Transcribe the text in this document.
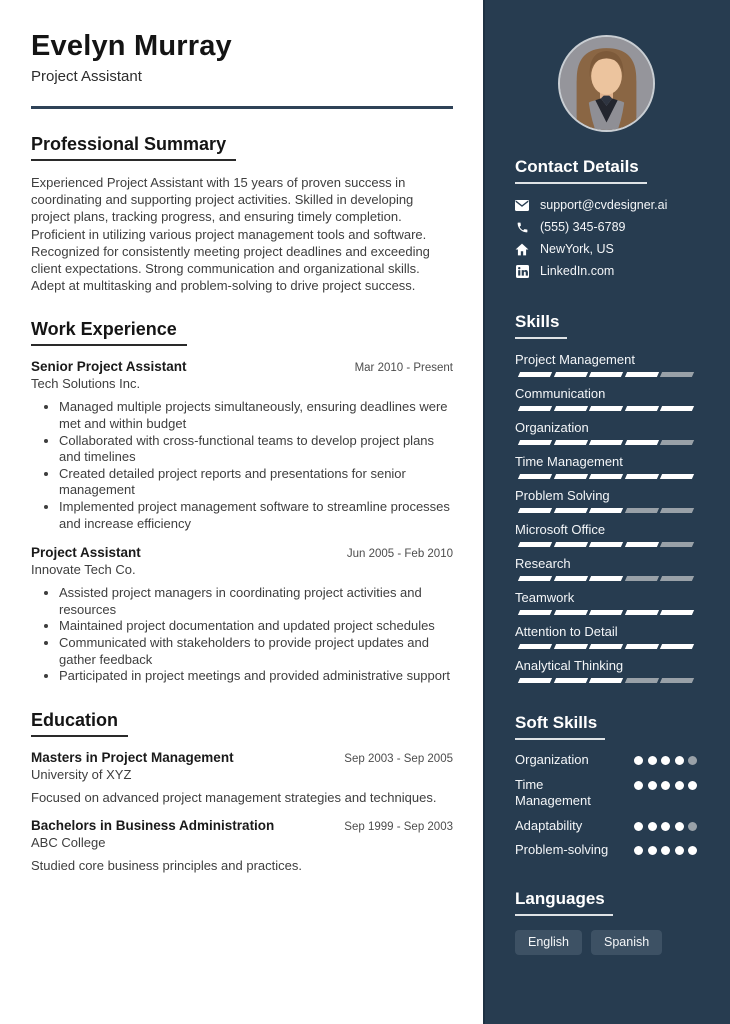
Evelyn Murray
Project Assistant
Professional Summary
Experienced Project Assistant with 15 years of proven success in coordinating and supporting project activities. Skilled in developing project plans, tracking progress, and ensuring timely completion. Proficient in utilizing various project management tools and software. Recognized for consistently meeting project deadlines and exceeding client expectations. Strong communication and organizational skills. Adept at multitasking and problem-solving to drive project success.
Work Experience
Senior Project Assistant	Mar 2010 - Present
Tech Solutions Inc.
• Managed multiple projects simultaneously, ensuring deadlines were met and within budget
• Collaborated with cross-functional teams to develop project plans and timelines
• Created detailed project reports and presentations for senior management
• Implemented project management software to streamline processes and increase efficiency
Project Assistant	Jun 2005 - Feb 2010
Innovate Tech Co.
• Assisted project managers in coordinating project activities and resources
• Maintained project documentation and updated project schedules
• Communicated with stakeholders to provide project updates and gather feedback
• Participated in project meetings and provided administrative support
Education
Masters in Project Management	Sep 2003 - Sep 2005
University of XYZ
Focused on advanced project management strategies and techniques.
Bachelors in Business Administration	Sep 1999 - Sep 2003
ABC College
Studied core business principles and practices.
Contact Details
support@cvdesigner.ai
(555) 345-6789
NewYork, US
LinkedIn.com
Skills
Project Management
Communication
Organization
Time Management
Problem Solving
Microsoft Office
Research
Teamwork
Attention to Detail
Analytical Thinking
Soft Skills
Organization
Time Management
Adaptability
Problem-solving
Languages
English	Spanish
